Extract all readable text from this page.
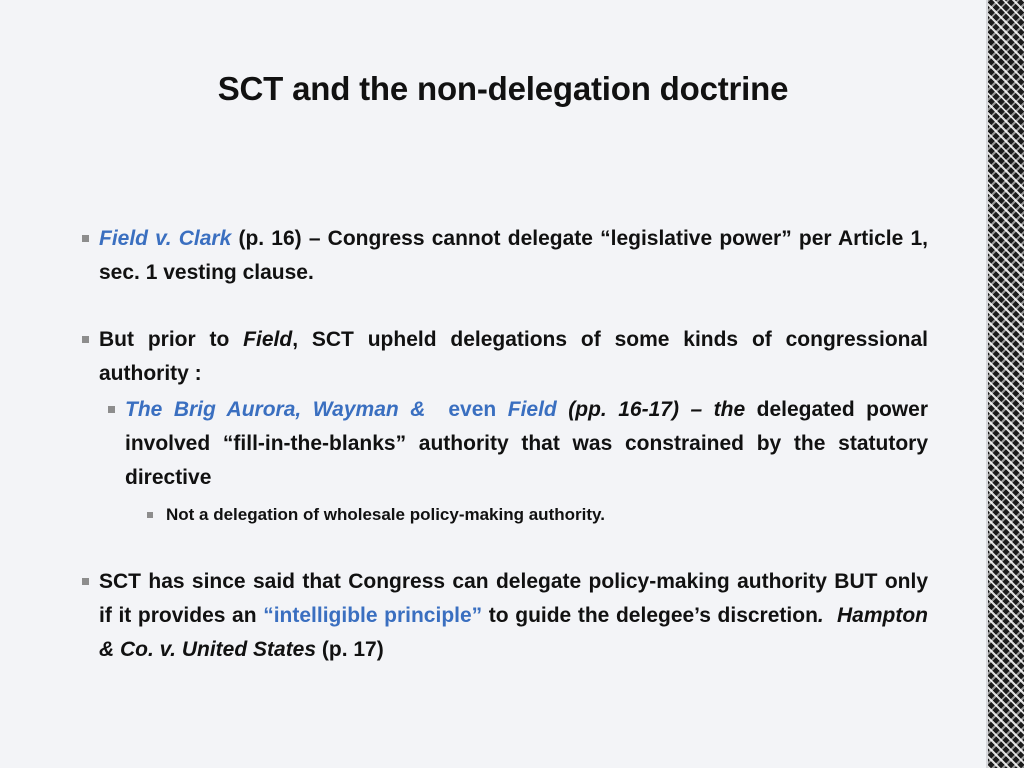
SCT and the non-delegation doctrine
Field v. Clark (p. 16) – Congress cannot delegate “legislative power” per Article 1, sec. 1 vesting clause.
But prior to Field, SCT upheld delegations of some kinds of congressional authority :
The Brig Aurora, Wayman & even Field (pp. 16-17) – the delegated power involved “fill-in-the-blanks” authority that was constrained by the statutory directive
Not a delegation of wholesale policy-making authority.
SCT has since said that Congress can delegate policy-making authority BUT only if it provides an “intelligible principle” to guide the delegee’s discretion. Hampton & Co. v. United States (p. 17)
